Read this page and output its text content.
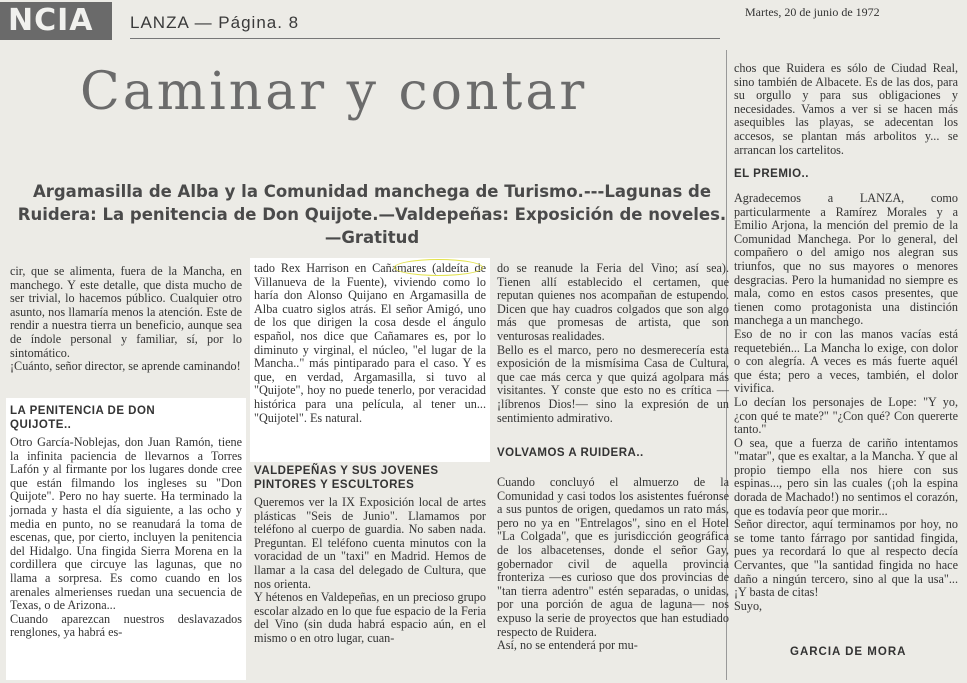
NCIA	LANZA — Página. 8
Martes, 20 de junio de 1972
Caminar y contar
Argamasilla de Alba y la Comunidad manchega de Turismo.---Lagunas de Ruidera: La penitencia de Don Quijote.—Valdepeñas: Exposición de noveles. —Gratitud
cir, que se alimenta, fuera de la Mancha, en manchego. Y este detalle, que dista mucho de ser trivial, lo hacemos público. Cualquier otro asunto, nos llamaría menos la atención. Este de rendir a nuestra tierra un beneficio, aunque sea de índole personal y familiar, sí, por lo sintomático.
¡Cuánto, señor director, se aprende caminando!
LA PENITENCIA DE DON QUIJOTE..
Otro García-Noblejas, don Juan Ramón, tiene la infinita paciencia de llevarnos a Torres Lafón y al firmante por los lugares donde cree que están filmando los ingleses su "Don Quijote". Pero no hay suerte. Ha terminado la jornada y hasta el día siguiente, a las ocho y media en punto, no se reanudará la toma de escenas, que, por cierto, incluyen la penitencia del Hidalgo. Una fingida Sierra Morena en la cordillera que circuye las lagunas, que no llama a sorpresa. Es como cuando en los arenales almerienses ruedan una secuencia de Texas, o de Arizona...
Cuando aparezcan nuestros deslavazados renglones, ya habrá es-
tado Rex Harrison en Cañamares (aldeíta de Villanueva de la Fuente), viviendo como lo haría don Alonso Quijano en Argamasilla de Alba cuatro siglos atrás. El señor Amigó, uno de los que dirigen la cosa desde el ángulo español, nos dice que Cañamares es, por lo diminuto y virginal, el núcleo, "el lugar de la Mancha.." más pintiparado para el caso. Y es que, en verdad, Argamasilla, si tuvo al "Quijote", hoy no puede tenerlo, por veracidad histórica para una película, al tener un... "Quijotel". Es natural.
VALDEPEÑAS Y SUS JOVENES PINTORES Y ESCULTORES
Queremos ver la IX Exposición local de artes plásticas "Seis de Junio". Llamamos por teléfono al cuerpo de guardia. No saben nada. Preguntan. El teléfono cuenta minutos con la voracidad de un "taxi" en Madrid. Hemos de llamar a la casa del delegado de Cultura, que nos orienta.
Y hétenos en Valdepeñas, en un precioso grupo escolar alzado en lo que fue espacio de la Feria del Vino (sin duda habrá espacio aún, en el mismo o en otro lugar, cuan-
do se reanude la Feria del Vino; así sea). Tienen allí establecido el certamen, que reputan quienes nos acompañan de estupendo. Dicen que hay cuadros colgados que son algo más que promesas de artista, que son venturosas realidades.
Bello es el marco, pero no desmerecería esta exposición de la mismísima Casa de Cultura, que cae más cerca y que quizá agolpara más visitantes. Y conste que esto no es crítica —¡líbrenos Dios!— sino la expresión de un sentimiento admirativo.
VOLVAMOS A RUIDERA..
Cuando concluyó el almuerzo de la Comunidad y casi todos los asistentes fuéronse a sus puntos de origen, quedamos un rato más, pero no ya en "Entrelagos", sino en el Hotel "La Colgada", que es jurisdicción geográfica de los albacetenses, donde el señor Gay, gobernador civil de aquella provincia fronteriza —es curioso que dos provincias de "tan tierra adentro" estén separadas, o unidas, por una porción de agua de laguna— nos expuso la serie de proyectos que han estudiado respecto de Ruidera.
Así, no se entenderá por mu-
chos que Ruidera es sólo de Ciudad Real, sino también de Albacete. Es de las dos, para su orgullo y para sus obligaciones y necesidades. Vamos a ver si se hacen más asequibles las playas, se adecentan los accesos, se plantan más arbolitos y... se arrancan los cartelitos.
EL PREMIO..
Agradecemos a LANZA, como particularmente a Ramírez Morales y a Emilio Arjona, la mención del premio de la Comunidad Manchega. Por lo general, del compañero o del amigo nos alegran sus triunfos, que no sus mayores o menores desgracias. Pero la humanidad no siempre es mala, como en estos casos presentes, que tienen como protagonista una distinción manchega a un manchego.
Eso de no ir con las manos vacías está requetebién... La Mancha lo exige, con dolor o con alegría. A veces es más fuerte aquél que ésta; pero a veces, también, el dolor vivifica.
Lo decían los personajes de Lope: "Y yo, ¿con qué te mate?" "¿Con qué? Con quererte tanto."
O sea, que a fuerza de cariño intentamos "matar", que es exaltar, a la Mancha. Y que al propio tiempo ella nos hiere con sus espinas..., pero sin las cuales (¡oh la espina dorada de Machado!) no sentimos el corazón, que es todavía peor que morir...
Señor director, aquí terminamos por hoy, no se tome tanto fárrago por santidad fingida, pues ya recordará lo que al respecto decía Cervantes, que "la santidad fingida no hace daño a ningún tercero, sino al que la usa"... ¡Y basta de citas!
Suyo,
GARCIA DE MORA
